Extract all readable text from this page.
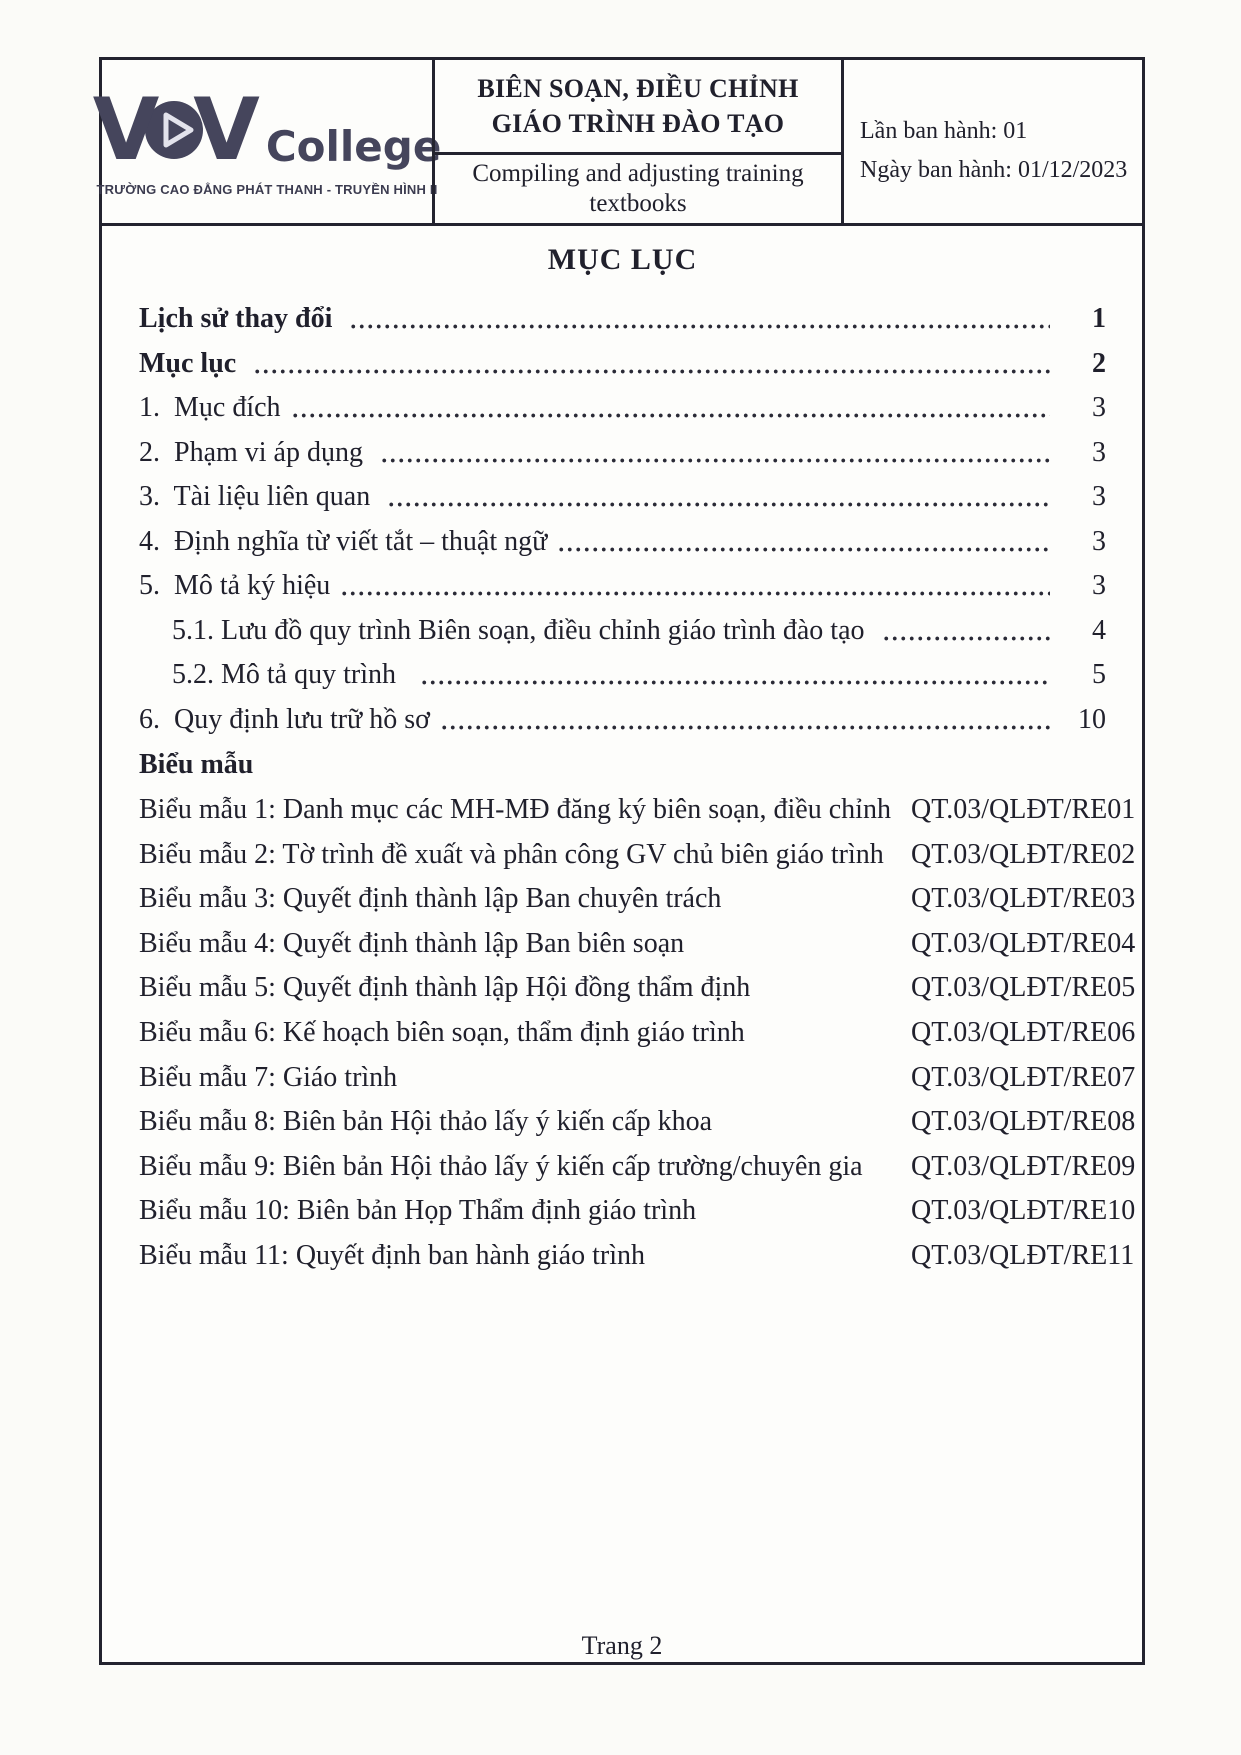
V V College
TRƯỜNG CAO ĐẲNG PHÁT THANH - TRUYỀN HÌNH II
BIÊN SOẠN, ĐIỀU CHỈNH
GIÁO TRÌNH ĐÀO TẠO
Compiling and adjusting training
textbooks
Lần ban hành: 01
Ngày ban hành: 01/12/2023
MỤC LỤC
Lịch sử thay đổi	1
Mục lục	2
1.  Mục đích	3
2.  Phạm vi áp dụng	3
3.  Tài liệu liên quan	3
4.  Định nghĩa từ viết tắt – thuật ngữ	3
5.  Mô tả ký hiệu	3
5.1. Lưu đồ quy trình Biên soạn, điều chỉnh giáo trình đào tạo	4
5.2. Mô tả quy trình	5
6.  Quy định lưu trữ hồ sơ	10
Biểu mẫu
Biểu mẫu 1: Danh mục các MH-MĐ đăng ký biên soạn, điều chỉnh QT.03/QLĐT/RE01
Biểu mẫu 2: Tờ trình đề xuất và phân công GV chủ biên giáo trình QT.03/QLĐT/RE02
Biểu mẫu 3: Quyết định thành lập Ban chuyên trách	QT.03/QLĐT/RE03
Biểu mẫu 4: Quyết định thành lập Ban biên soạn	QT.03/QLĐT/RE04
Biểu mẫu 5: Quyết định thành lập Hội đồng thẩm định	QT.03/QLĐT/RE05
Biểu mẫu 6: Kế hoạch biên soạn, thẩm định giáo trình	QT.03/QLĐT/RE06
Biểu mẫu 7: Giáo trình	QT.03/QLĐT/RE07
Biểu mẫu 8: Biên bản Hội thảo lấy ý kiến cấp khoa	QT.03/QLĐT/RE08
Biểu mẫu 9: Biên bản Hội thảo lấy ý kiến cấp trường/chuyên gia	QT.03/QLĐT/RE09
Biểu mẫu 10: Biên bản Họp Thẩm định giáo trình	QT.03/QLĐT/RE10
Biểu mẫu 11: Quyết định ban hành giáo trình	QT.03/QLĐT/RE11
Trang 2
